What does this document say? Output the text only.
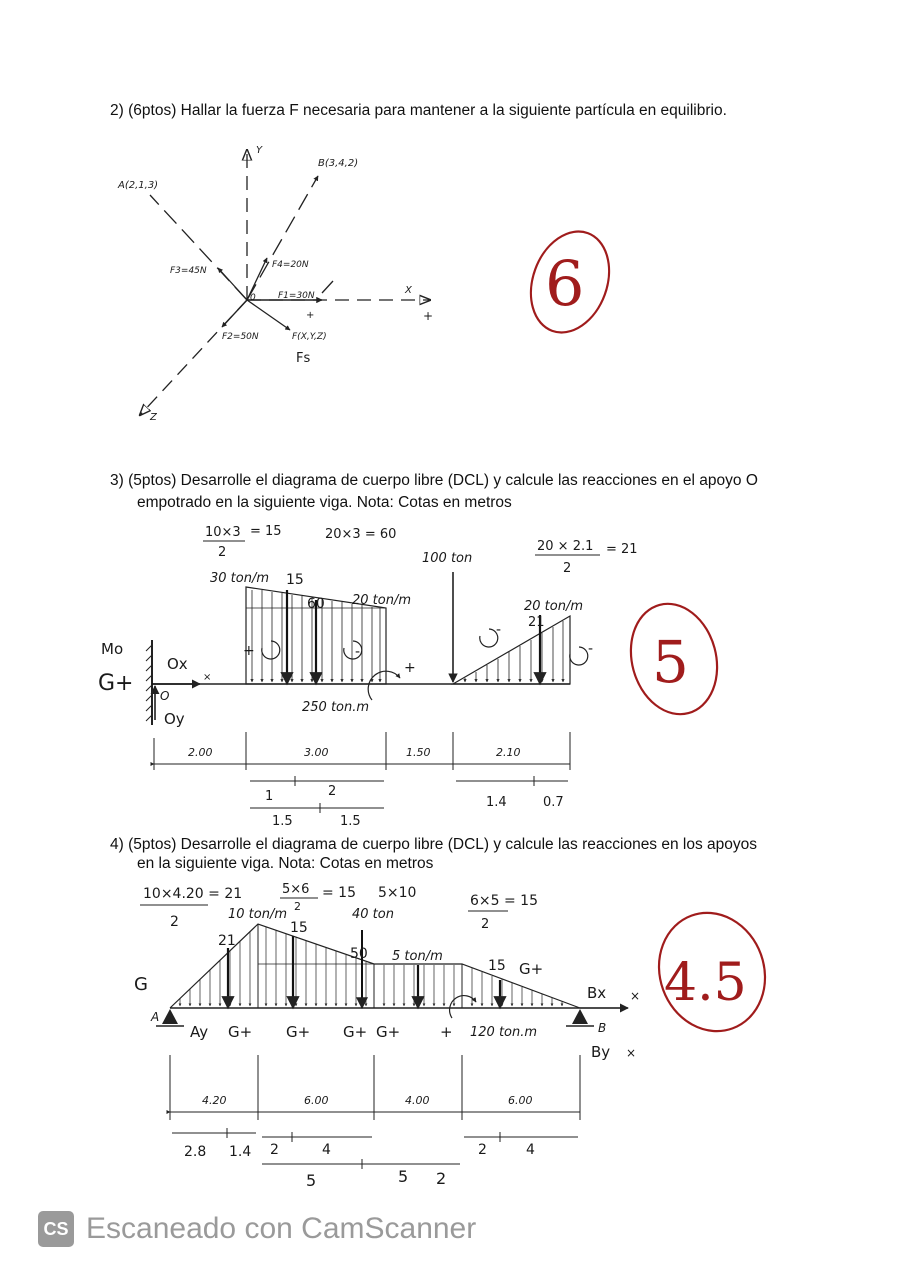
2) (6ptos) Hallar la fuerza F necesaria para mantener a la siguiente partícula en equilibrio.
3) (5ptos) Desarrolle el diagrama de cuerpo libre (DCL) y calcule las reacciones en el apoyo O
empotrado en la siguiente viga. Nota: Cotas en metros
4) (5ptos) Desarrolle el diagrama de cuerpo libre (DCL) y calcule las reacciones en los apoyos
en la siguiente viga. Nota: Cotas en metros
Y
X
Z
0
A(2,1,3)
B(3,4,2)
F3=45N
F4=20N
F1=30N
F2=50N	F(X,Y,Z)
Fs
+	+ 6
10×3
2
= 15	20×3 = 60
20 × 2.1
2
= 21
30 ton/m
20 ton/m
100 ton
20 ton/m
250 ton.m
O
Mo
G+
Ox
Oy
×
15
60
21
+
+	-
-
-
2.00	3.00	1.50	2.10
1	2
1.5	1.5
1.4	0.7
5
10×4.20 = 21
2
5×6
2
= 15 5×10	6×5 = 15
2
10 ton/m	40 ton
5 ton/m
120 ton.m
A
B
21
15
50
15
G
Ay G+ G+ G+ G+
G+
+
Bx ×
By ×
4.20	6.00	4.00	6.00
2.8 1.4 2	4
5	5 2
2	4
4.5
CS Escaneado con CamScanner
